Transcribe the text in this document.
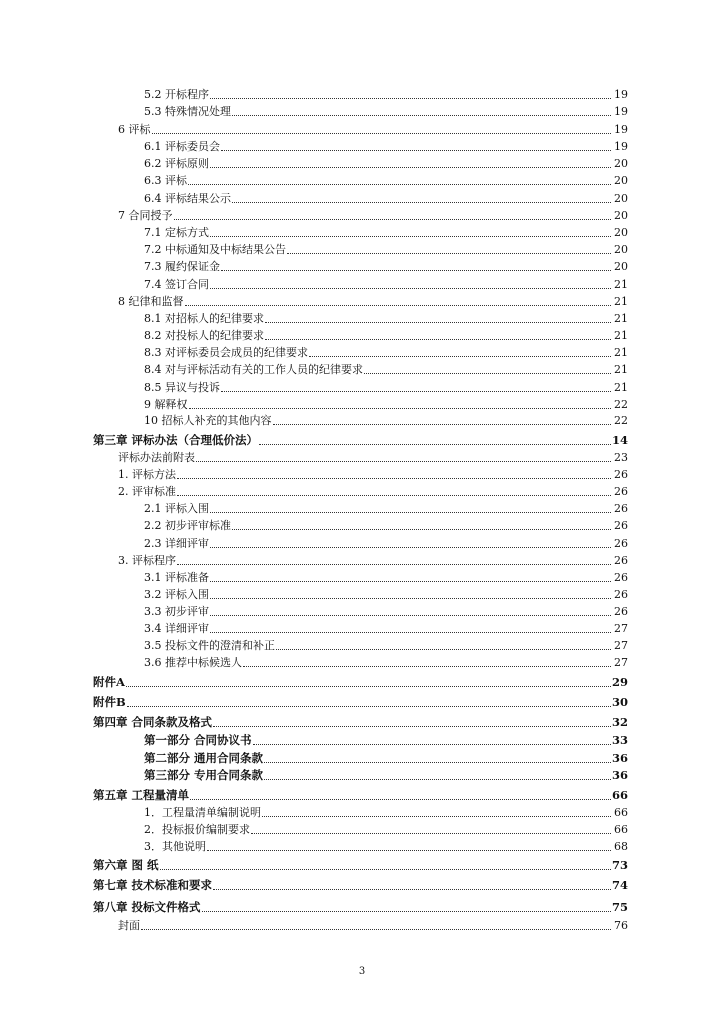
5.2 开标程序	19
5.3 特殊情况处理	19
6 评标	19
6.1 评标委员会	19
6.2 评标原则	20
6.3 评标	20
6.4 评标结果公示	20
7 合同授予	20
7.1 定标方式	20
7.2 中标通知及中标结果公告	20
7.3 履约保证金	20
7.4 签订合同	21
8 纪律和监督	21
8.1 对招标人的纪律要求	21
8.2 对投标人的纪律要求	21
8.3 对评标委员会成员的纪律要求	21
8.4 对与评标活动有关的工作人员的纪律要求	21
8.5 异议与投诉	21
9 解释权	22
10 招标人补充的其他内容	22
第三章 评标办法（合理低价法）	14
评标办法前附表	23
1. 评标方法	26
2. 评审标准	26
2.1 评标入围	26
2.2 初步评审标准	26
2.3 详细评审	26
3. 评标程序	26
3.1 评标准备	26
3.2 评标入围	26
3.3 初步评审	26
3.4 详细评审	27
3.5 投标文件的澄清和补正	27
3.6 推荐中标候选人	27
附件A	29
附件B	30
第四章 合同条款及格式	32
第一部分 合同协议书	33
第二部分 通用合同条款	36
第三部分 专用合同条款	36
第五章 工程量清单	66
1．工程量清单编制说明	66
2．投标报价编制要求	66
3．其他说明	68
第六章 图 纸	73
第七章 技术标准和要求	74
第八章 投标文件格式	75
封面	76
3
